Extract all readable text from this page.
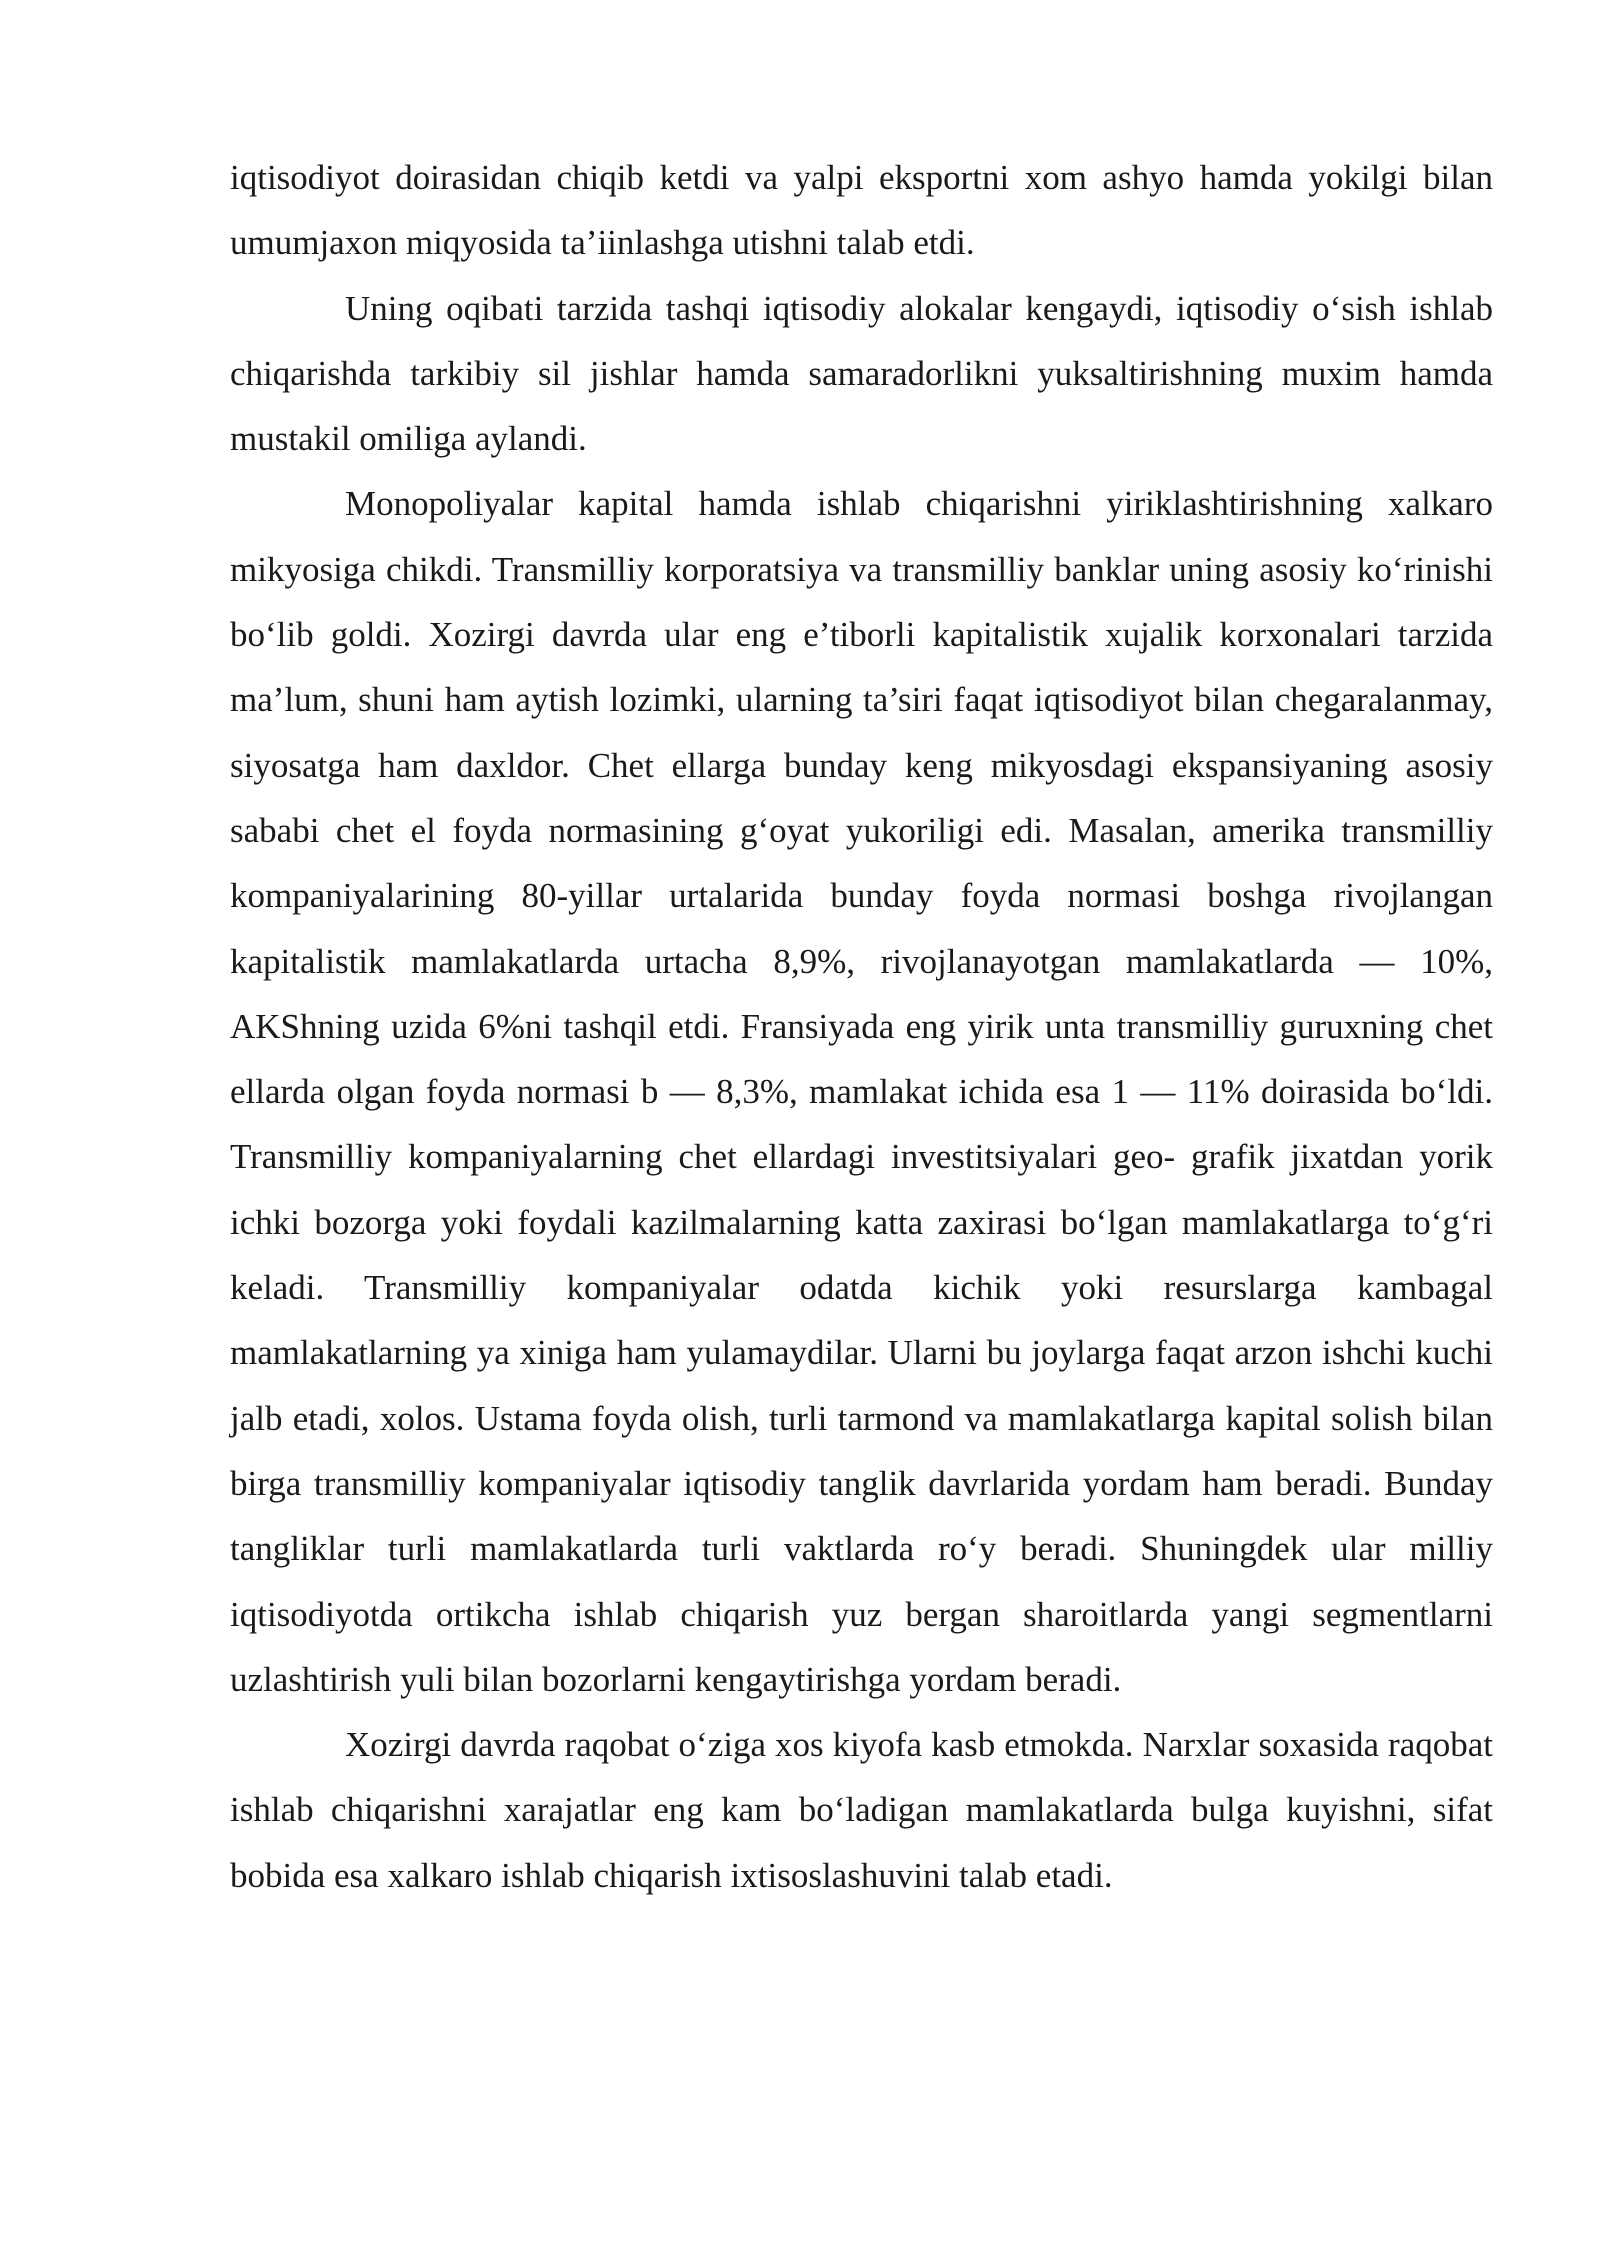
iqtisodiyot doirasidan chiqib ketdi va yalpi eksportni xom ashyo hamda yokilgi bilan umumjaxon miqyosida ta’iinlashga utishni talab etdi.

Uning oqibati tarzida tashqi iqtisodiy alokalar kengaydi, iqtisodiy o‘sish ishlab chiqarishda tarkibiy sil jishlar hamda samaradorlikni yuksaltirishning muxim hamda mustakil omiliga aylandi.

Monopoliyalar kapital hamda ishlab chiqarishni yiriklashtirishning xalkaro mikyosiga chikdi. Transmilliy korporatsiya va transmilliy banklar uning asosiy ko‘rinishi bo‘lib goldi. Xozirgi davrda ular eng e’tiborli kapitalistik xujalik korxonalari tarzida ma’lum, shuni ham aytish lozimki, ularning ta’siri faqat iqtisodiyot bilan chegaralanmay, siyosatga ham daxldor. Chet ellarga bunday keng mikyosdagi ekspansiyaning asosiy sababi chet el foyda normasining g‘oyat yukoriligi edi. Masalan, amerika transmilliy kompaniyalarining 80-yillar urtalarida bunday foyda normasi boshga rivojlangan kapitalistik mamlakatlarda urtacha 8,9%, rivojlanayotgan mamlakatlarda — 10%, AKShning uzida 6%ni tashqil etdi. Fransiyada eng yirik unta transmilliy guruxning chet ellarda olgan foyda normasi b — 8,3%, mamlakat ichida esa 1 — 11% doirasida bo‘ldi. Transmilliy kompaniyalarning chet ellardagi investitsiyalari geo- grafik jixatdan yorik ichki bozorga yoki foydali kazilmalarning katta zaxirasi bo‘lgan mamlakatlarga to‘g‘ri keladi. Transmilliy kompaniyalar odatda kichik yoki resurslarga kambagal mamlakatlarning ya xiniga ham yulamaydilar. Ularni bu joylarga faqat arzon ishchi kuchi jalb etadi, xolos. Ustama foyda olish, turli tarmond va mamlakatlarga kapital solish bilan birga transmilliy kompaniyalar iqtisodiy tanglik davrlarida yordam ham beradi. Bunday tangliklar turli mamlakatlarda turli vaktlarda ro‘y beradi. Shuningdek ular milliy iqtisodiyotda ortikcha ishlab chiqarish yuz bergan sharoitlarda yangi segmentlarni uzlashtirish yuli bilan bozorlarni kengaytirishga yordam beradi.

Xozirgi davrda raqobat o‘ziga xos kiyofa kasb etmokda. Narxlar soxasida raqobat ishlab chiqarishni xarajatlar eng kam bo‘ladigan mamlakatlarda bulga kuyishni, sifat bobida esa xalkaro ishlab chiqarish ixtisoslashuvini talab etadi.
